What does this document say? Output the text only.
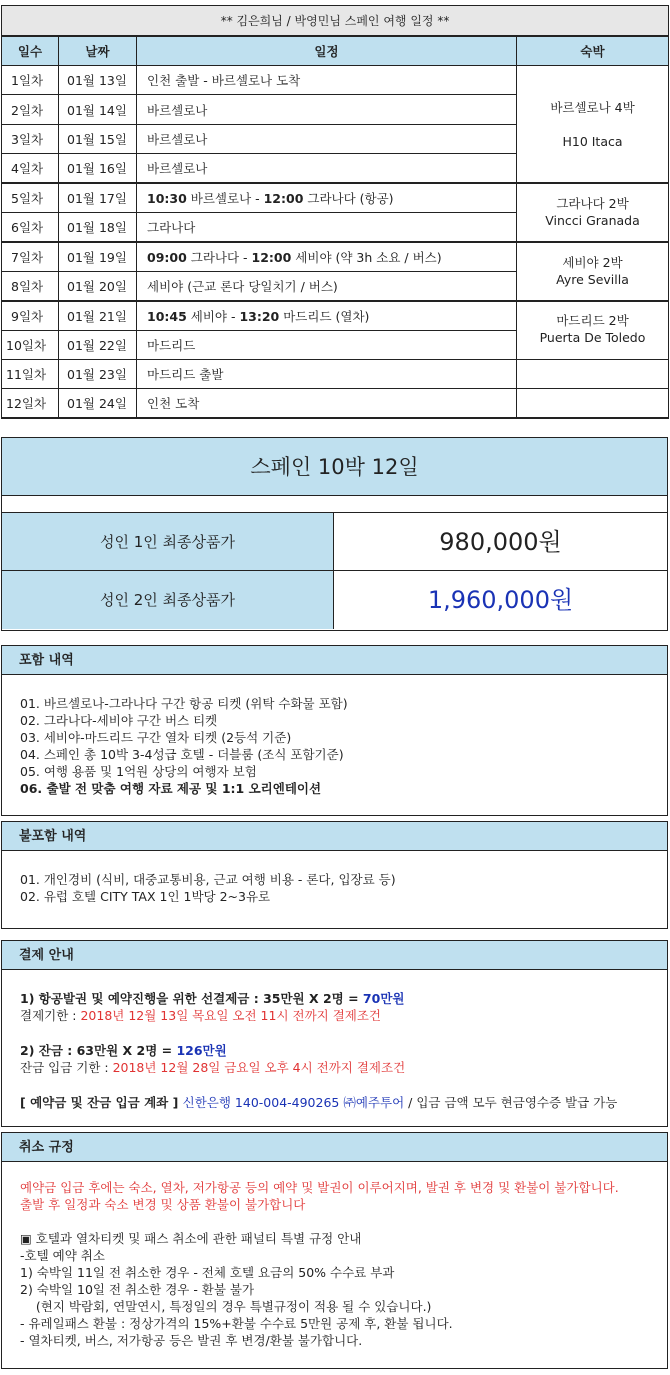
** 김은희님 / 박영민님 스페인 여행 일정 **			
일수	날짜	일정	숙박
1일차	01월 13일	인천 출발 - 바르셀로나 도착	바르셀로나 4박

H10 Itaca
2일차	01월 14일	바르셀로나	
3일차	01월 15일	바르셀로나	
4일차	01월 16일	바르셀로나	
5일차	01월 17일	10:30 바르셀로나 - 12:00 그라나다 (항공)	그라나다 2박
Vincci Granada
6일차	01월 18일	그라나다	
7일차	01월 19일	09:00 그라나다 - 12:00 세비야 (약 3h 소요 / 버스)	세비야 2박
Ayre Sevilla
8일차	01월 20일	세비야 (근교 론다 당일치기 / 버스)	
9일차	01월 21일	10:45 세비야 - 13:20 마드리드 (열차)	마드리드 2박
Puerta De Toledo
10일차	01월 22일	마드리드	
11일차	01월 23일	마드리드 출발	
12일차	01월 24일	인천 도착	
스페인 10박 12일
성인 1인 최종상품가	980,000원
성인 2인 최종상품가	1,960,000원
포함 내역
01. 바르셀로나-그라나다 구간 항공 티켓 (위탁 수화물 포함)
02. 그라나다-세비야 구간 버스 티켓
03. 세비야-마드리드 구간 열차 티켓 (2등석 기준)
04. 스페인 총 10박 3-4성급 호텔 - 더블룸 (조식 포함기준)
05. 여행 용품 및 1억원 상당의 여행자 보험
06. 출발 전 맞춤 여행 자료 제공 및 1:1 오리엔테이션
불포함 내역
01. 개인경비 (식비, 대중교통비용, 근교 여행 비용 - 론다, 입장료 등)
02. 유럽 호텔 CITY TAX 1인 1박당 2~3유로
결제 안내
1) 항공발권 및 예약진행을 위한 선결제금 : 35만원 X 2명 = 70만원
결제기한 : 2018년 12월 13일 목요일 오전 11시 전까지 결제조건
2) 잔금 : 63만원 X 2명 = 126만원
잔금 입금 기한 : 2018년 12월 28일 금요일 오후 4시 전까지 결제조건
[ 예약금 및 잔금 입금 계좌 ] 신한은행 140-004-490265 ㈜예주투어 / 입금 금액 모두 현금영수증 발급 가능
취소 규정
예약금 입금 후에는 숙소, 열차, 저가항공 등의 예약 및 발권이 이루어지며, 발권 후 변경 및 환불이 불가합니다.
출발 후 일정과 숙소 변경 및 상품 환불이 불가합니다
▣ 호텔과 열차티켓 및 패스 취소에 관한 패널티 특별 규정 안내
-호텔 예약 취소
1) 숙박일 11일 전 취소한 경우 - 전체 호텔 요금의 50% 수수료 부과
2) 숙박일 10일 전 취소한 경우 - 환불 불가
(현지 박람회, 연말연시, 특정일의 경우 특별규정이 적용 될 수 있습니다.)
- 유레일패스 환불 : 정상가격의 15%+환불 수수료 5만원 공제 후, 환불 됩니다.
- 열차티켓, 버스, 저가항공 등은 발권 후 변경/환불 불가합니다.
